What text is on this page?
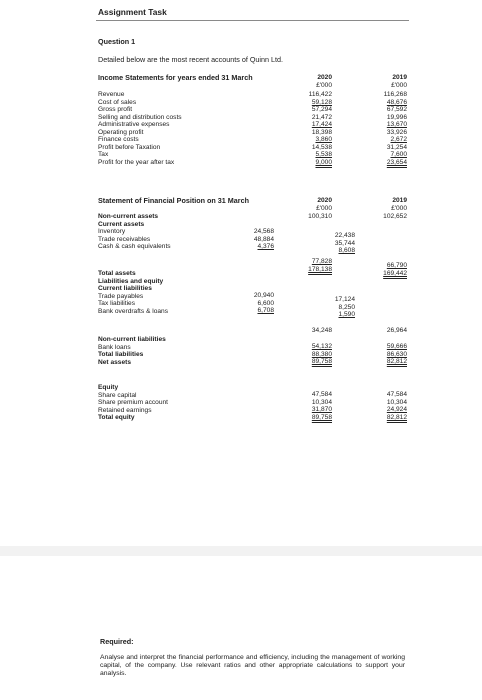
Assignment Task
Question 1
Detailed below are the most recent accounts of Quinn Ltd.
Income Statements for years ended 31 March	2020
£'000
2019
£'000
Revenue
Cost of sales
Gross profit
Selling and distribution costs
Administrative expenses
Operating profit
Finance costs
Profit before Taxation
Tax
Profit for the year after tax
116,422
59,128
57,294
21,472
17,424
18,398
3,860
14,538
5,538
9,000
116,268
48,676
67,592
19,996
13,670
33,926
2,672
31,254
7,600
23,654
Statement of Financial Position on 31 March	2020
£'000
2019
£'000
Non-current assets
Current assets
Inventory
Trade receivables
Cash & cash equivalents
Total assets
Liabilities and equity
Current liabilities
Trade payables
Tax liabilities
Bank overdrafts & loans
Non-current liabilities
Bank loans
Total liabilities
Net assets
Equity
Share capital
Share premium account
Retained earnings
Total equity
24,568
48,884
4,376
20,940
6,600
6,708
100,310
77,828
178,138
34,248
54,132
88,380
89,758
47,584
10,304
31,870
89,758
22,438
35,744
8,608
17,124
8,250
1,590
102,652
66,790
169,442
26,964
59,666
86,630
82,812
47,584
10,304
24,924
82,812
Required:
Analyse and interpret the financial performance and efficiency, including the management of working capital, of the company. Use relevant ratios and other appropriate calculations to support your analysis.
